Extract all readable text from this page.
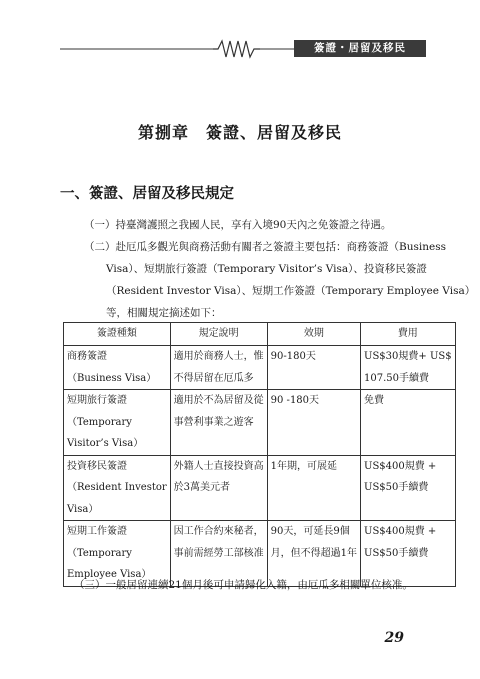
簽證・居留及移民
第捌章　簽證、居留及移民
一、簽證、居留及移民規定
（一）持臺灣護照之我國人民，享有入境90天內之免簽證之待遇。
（二）赴厄瓜多觀光與商務活動有關者之簽證主要包括：商務簽證（Business
Visa）、短期旅行簽證（Temporary Visitor’s Visa）、投資移民簽證
（Resident Investor Visa）、短期工作簽證（Temporary Employee Visa）
等，相關規定摘述如下：
簽證種類	規定說明	效期	費用

商務簽證
（Business Visa）	適用於商務人士，惟
不得居留在厄瓜多	90-180天	US$30規費+ US$
107.50手續費

短期旅行簽證
（Temporary
Visitor’s Visa）	適用於不為居留及從
事營利事業之遊客	90 -180天	免費

投資移民簽證
（Resident Investor
Visa）	外籍人士直接投資高
於3萬美元者	1年期，可展延	US$400規費 +
US$50手續費

短期工作簽證
（Temporary
Employee Visa）	因工作合約來秘者，
事前需經勞工部核准	90天，可延長9個
月，但不得超過1年	US$400規費 +
US$50手續費
（三）一般居留連續21個月後可申請歸化入籍，由厄瓜多相關單位核准。
29
